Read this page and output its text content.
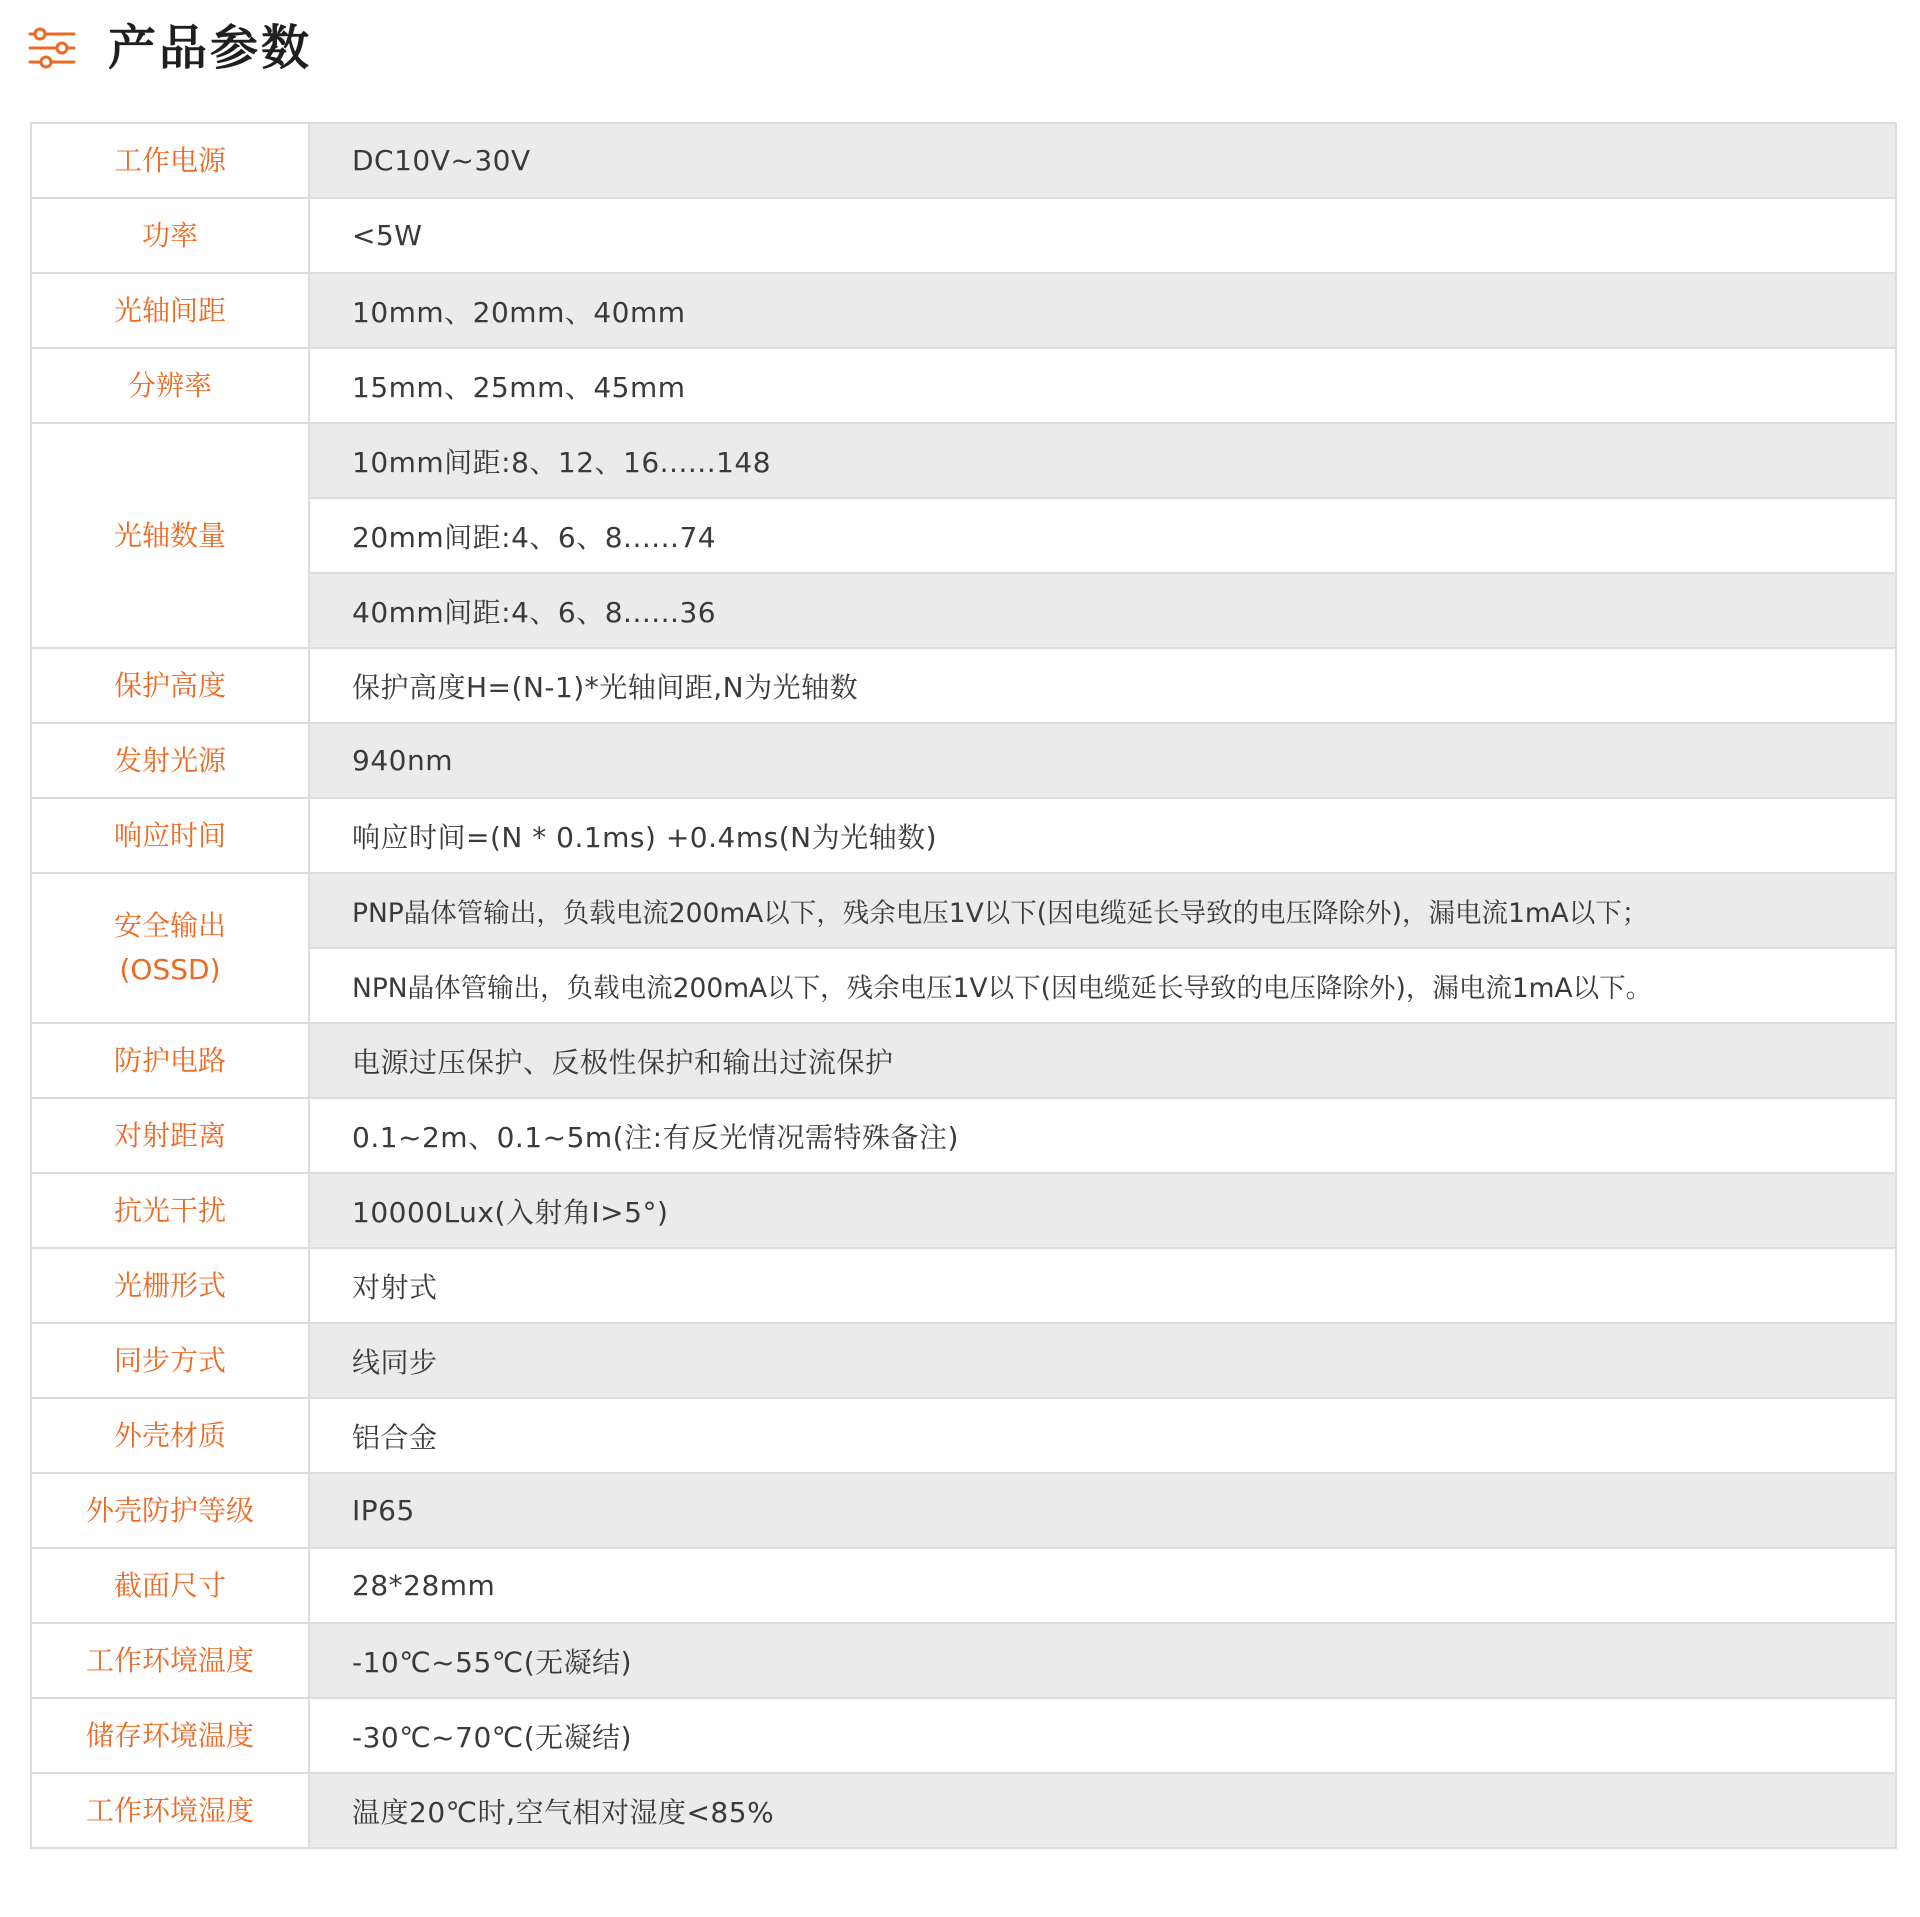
产品参数
工作电源	DC10V~30V

功率	<5W

光轴间距	10mm、20mm、40mm

分辨率	15mm、25mm、45mm

光轴数量	10mm间距:8、12、16......148
	20mm间距:4、6、8......74
	40mm间距:4、6、8......36

保护高度	保护高度H=(N-1)*光轴间距,N为光轴数

发射光源	940nm

响应时间	响应时间=(N * 0.1ms) +0.4ms(N为光轴数)

安全输出
(OSSD)	PNP晶体管输出，负载电流200mA以下，残余电压1V以下(因电缆延长导致的电压降除外)，漏电流1mA以下；
	NPN晶体管输出，负载电流200mA以下，残余电压1V以下(因电缆延长导致的电压降除外)，漏电流1mA以下。

防护电路	电源过压保护、反极性保护和输出过流保护

对射距离	0.1~2m、0.1~5m(注:有反光情况需特殊备注)

抗光干扰	10000Lux(入射角I>5°)

光栅形式	对射式

同步方式	线同步

外壳材质	铝合金

外壳防护等级	IP65

截面尺寸	28*28mm

工作环境温度	-10℃~55℃(无凝结)

储存环境温度	-30℃~70℃(无凝结)

工作环境湿度	温度20℃时,空气相对湿度<85%
